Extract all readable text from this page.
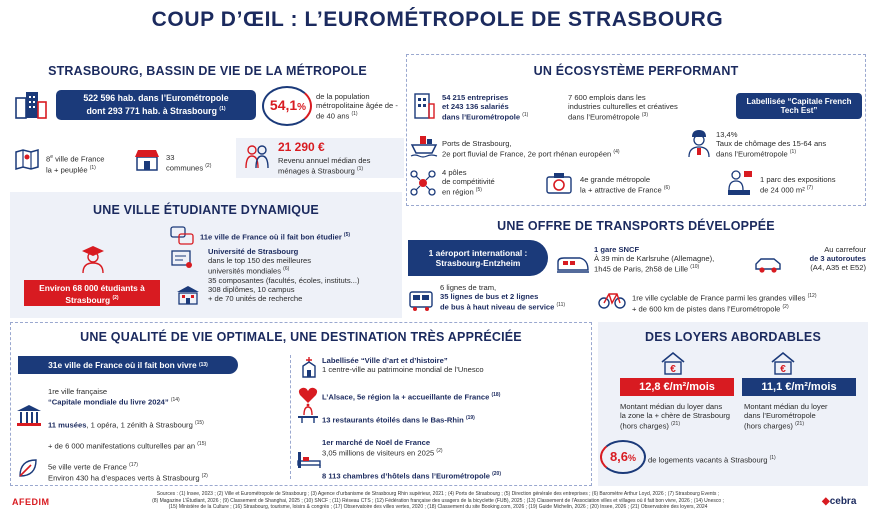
COUP D’ŒIL : L’EUROMÉTROPOLE DE STRASBOURG
STRASBOURG, BASSIN DE VIE DE LA MÉTROPOLE
522 596 hab. dans l’Eurométropole
dont 293 771 hab. à Strasbourg $^{(1)}$	54,1%
de la population métropolitaine âgée de - de 40 ans $^{(1)}$
8e ville de France
la + peuplée $^{(1)}$
33
communes $^{(2)}$
21 290 €
Revenu annuel médian des ménages à Strasbourg $^{(1)}$
UNE VILLE ÉTUDIANTE DYNAMIQUE
Environ 68 000 étudiants à Strasbourg $^{(2)}$
11e ville de France où il fait bon étudier $^{(5)}$
Université de Strasbourg
dans le top 150 des meilleures
universités mondiales $^{(6)}$
35 composantes (facultés, écoles, instituts...)
308 diplômes, 10 campus
+ de 70 unités de recherche
UN ÉCOSYSTÈME PERFORMANT
54 215 entreprises
et 243 136 salariés
dans l’Eurométropole $^{(1)}$
7 600 emplois dans les
industries culturelles et créatives
dans l’Eurométropole $^{(3)}$
Labellisée “Capitale French Tech Est”
Ports de Strasbourg,
2e port fluvial de France, 2e port rhénan européen $^{(4)}$
13,4%
Taux de chômage des 15-64 ans
dans l’Eurométropole $^{(1)}$
4 pôles
de compétitivité
en région $^{(5)}$
4e grande métropole
la + attractive de France $^{(6)}$
1 parc des expositions
de 24 000 m² $^{(7)}$
UNE OFFRE DE TRANSPORTS DÉVELOPPÉE
1 aéroport international :
Strasbourg-Entzheim
1 gare SNCF
À 39 min de Karlsruhe (Allemagne),
1h45 de Paris, 2h58 de Lille $^{(10)}$
Au carrefour
de 3 autoroutes
(A4, A35 et E52)
6 lignes de tram,
35 lignes de bus et 2 lignes
de bus à haut niveau de service $^{(11)}$
1re ville cyclable de France parmi les grandes villes $^{(12)}$
+ de 600 km de pistes dans l’Eurométropole $^{(2)}$
UNE QUALITÉ DE VIE OPTIMALE, UNE DESTINATION TRÈS APPRÉCIÉE
31e ville de France où il fait bon vivre
(13)
1re ville française
“Capitale mondiale du livre 2024” $^{(14)}$
11 musées, 1 opéra, 1 zénith à Strasbourg $^{(15)}$
+ de 6 000 manifestations culturelles par an $^{(15)}$
5e ville verte de France $^{(17)}$
Environ 430 ha d’espaces verts à Strasbourg $^{(2)}$
Labellisée “Ville d’art et d’histoire”
1 centre-ville au patrimoine mondial de l’Unesco
L’Alsace, 5e région la + accueillante de France $^{(18)}$
13 restaurants étoilés dans le Bas-Rhin $^{(19)}$
1er marché de Noël de France
3,05 millions de visiteurs en 2025 $^{(2)}$
8 113 chambres d’hôtels dans l’Eurométropole $^{(20)}$
DES LOYERS ABORDABLES
€
12,8 €/m²/mois
Montant médian du loyer dans
la zone la + chère de Strasbourg
(hors charges) $^{(21)}$
€
11,1 €/m²/mois
Montant médian du loyer
dans l’Eurométropole
(hors charges) $^{(21)}$
8,6%	de logements vacants à Strasbourg $^{(1)}$
AFEDIM
Sources : (1) Insee, 2023 ; (2) Ville et Eurométropole de Strasbourg ; (3) Agence d’urbanisme de Strasbourg Rhin supérieur, 2021 ; (4) Ports de Strasbourg ; (5) Direction générale des entreprises ; (6) Baromètre Arthur Loyd, 2026 ; (7) Strasbourg Events ;
(8) Magazine L’Étudiant, 2026 ; (9) Classement de Shanghai, 2025 ; (10) SNCF ; (11) Réseau CTS ; (12) Fédération française des usagers de la bicyclette (FUB), 2025 ; (13) Classement de l’Association villes et villages où il fait bon vivre, 2026 ; (14) Unesco ;
(15) Ministère de la Culture ; (16) Strasbourg, tourisme, loisirs & congrès ; (17) Observatoire des villes vertes, 2020 ; (18) Classement du site Booking.com, 2026 ; (19) Guide Michelin, 2026 ; (20) Insee, 2026 ; (21) Observatoire des loyers, 2024
◆cebra
